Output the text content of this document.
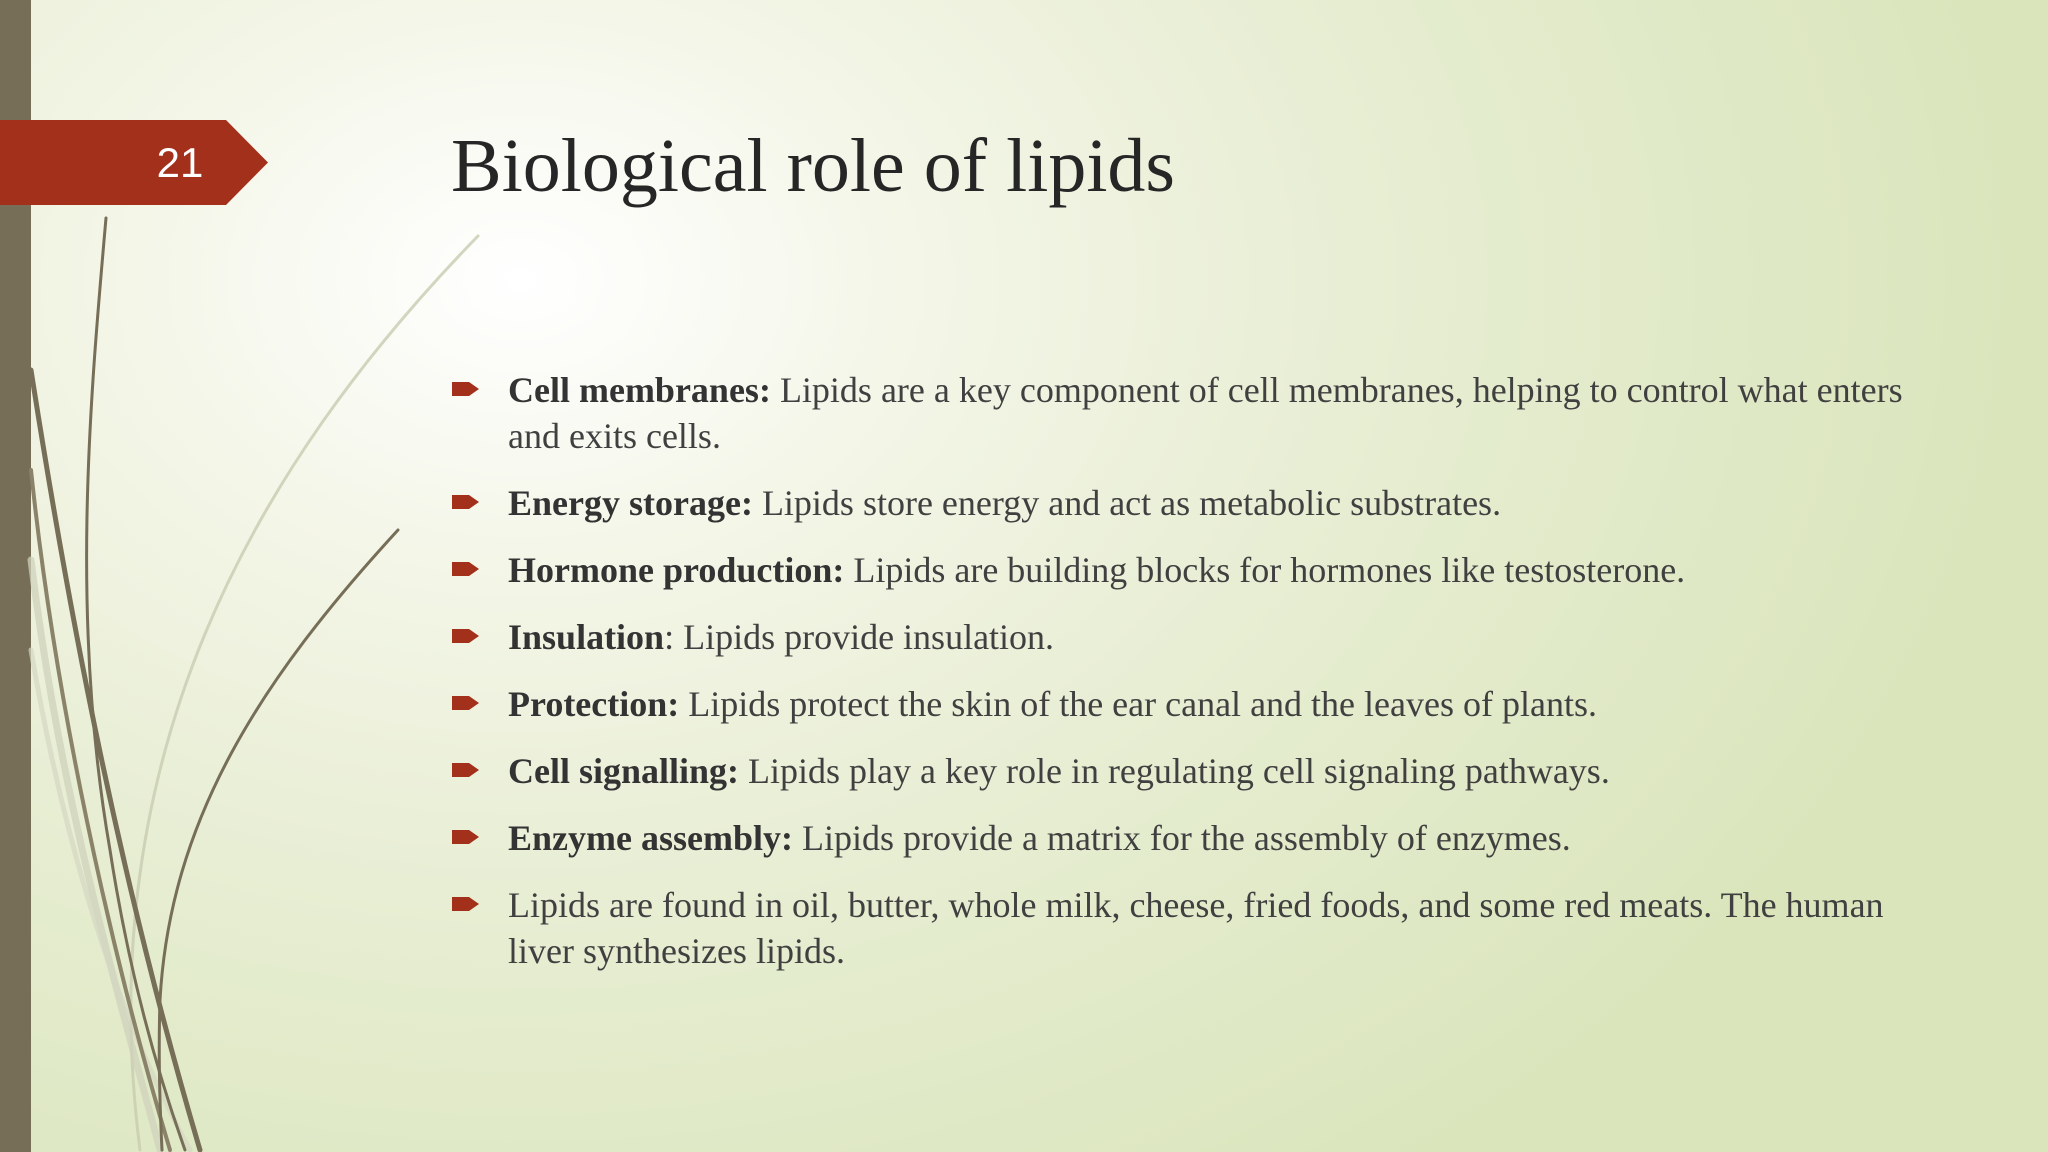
21	Biological role of lipids
Cell membranes: Lipids are a key component of cell membranes, helping to control what enters and exits cells.
Energy storage: Lipids store energy and act as metabolic substrates.
Hormone production: Lipids are building blocks for hormones like testosterone.
Insulation: Lipids provide insulation.
Protection: Lipids protect the skin of the ear canal and the leaves of plants.
Cell signalling: Lipids play a key role in regulating cell signaling pathways.
Enzyme assembly: Lipids provide a matrix for the assembly of enzymes.
Lipids are found in oil, butter, whole milk, cheese, fried foods, and some red meats. The human liver synthesizes lipids.
